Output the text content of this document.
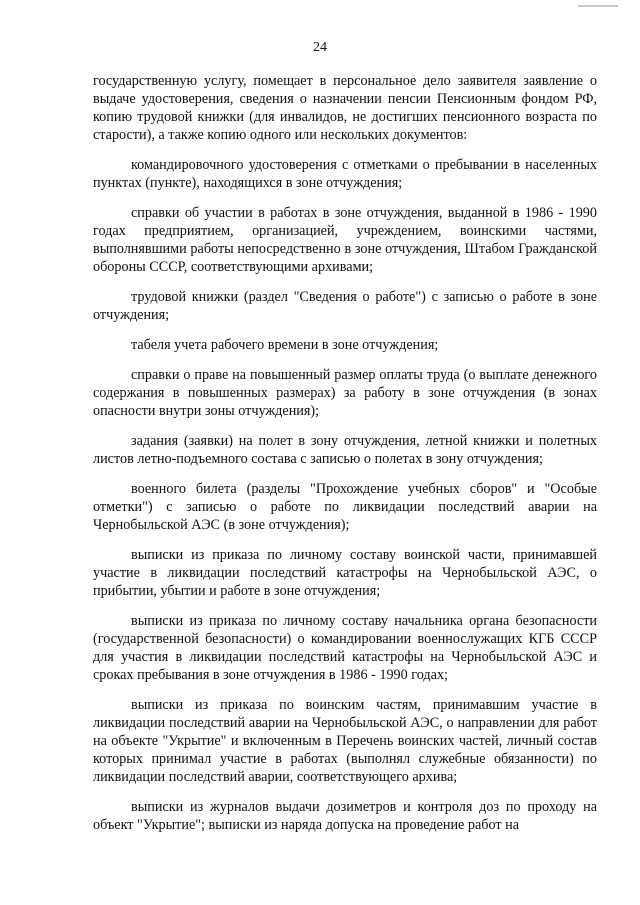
24

государственную услугу, помещает в персональное дело заявителя заявление о выдаче удостоверения, сведения о назначении пенсии Пенсионным фондом РФ, копию трудовой книжки (для инвалидов, не достигших пенсионного возраста по старости), а также копию одного или нескольких документов:

командировочного удостоверения с отметками о пребывании в населенных пунктах (пункте), находящихся в зоне отчуждения;

справки об участии в работах в зоне отчуждения, выданной в 1986 - 1990 годах предприятием, организацией, учреждением, воинскими частями, выполнявшими работы непосредственно в зоне отчуждения, Штабом Гражданской обороны СССР, соответствующими архивами;

трудовой книжки (раздел "Сведения о работе") с записью о работе в зоне отчуждения;

табеля учета рабочего времени в зоне отчуждения;

справки о праве на повышенный размер оплаты труда (о выплате денежного содержания в повышенных размерах) за работу в зоне отчуждения (в зонах опасности внутри зоны отчуждения);

задания (заявки) на полет в зону отчуждения, летной книжки и полетных листов летно-подъемного состава с записью о полетах в зону отчуждения;

военного билета (разделы "Прохождение учебных сборов" и "Особые отметки") с записью о работе по ликвидации последствий аварии на Чернобыльской АЭС (в зоне отчуждения);

выписки из приказа по личному составу воинской части, принимавшей участие в ликвидации последствий катастрофы на Чернобыльской АЭС, о прибытии, убытии и работе в зоне отчуждения;

выписки из приказа по личному составу начальника органа безопасности (государственной безопасности) о командировании военнослужащих КГБ СССР для участия в ликвидации последствий катастрофы на Чернобыльской АЭС и сроках пребывания в зоне отчуждения в 1986 - 1990 годах;

выписки из приказа по воинским частям, принимавшим участие в ликвидации последствий аварии на Чернобыльской АЭС, о направлении для работ на объекте "Укрытие" и включенным в Перечень воинских частей, личный состав которых принимал участие в работах (выполнял служебные обязанности) по ликвидации последствий аварии, соответствующего архива;

выписки из журналов выдачи дозиметров и контроля доз по проходу на объект "Укрытие"; выписки из наряда допуска на проведение работ на
